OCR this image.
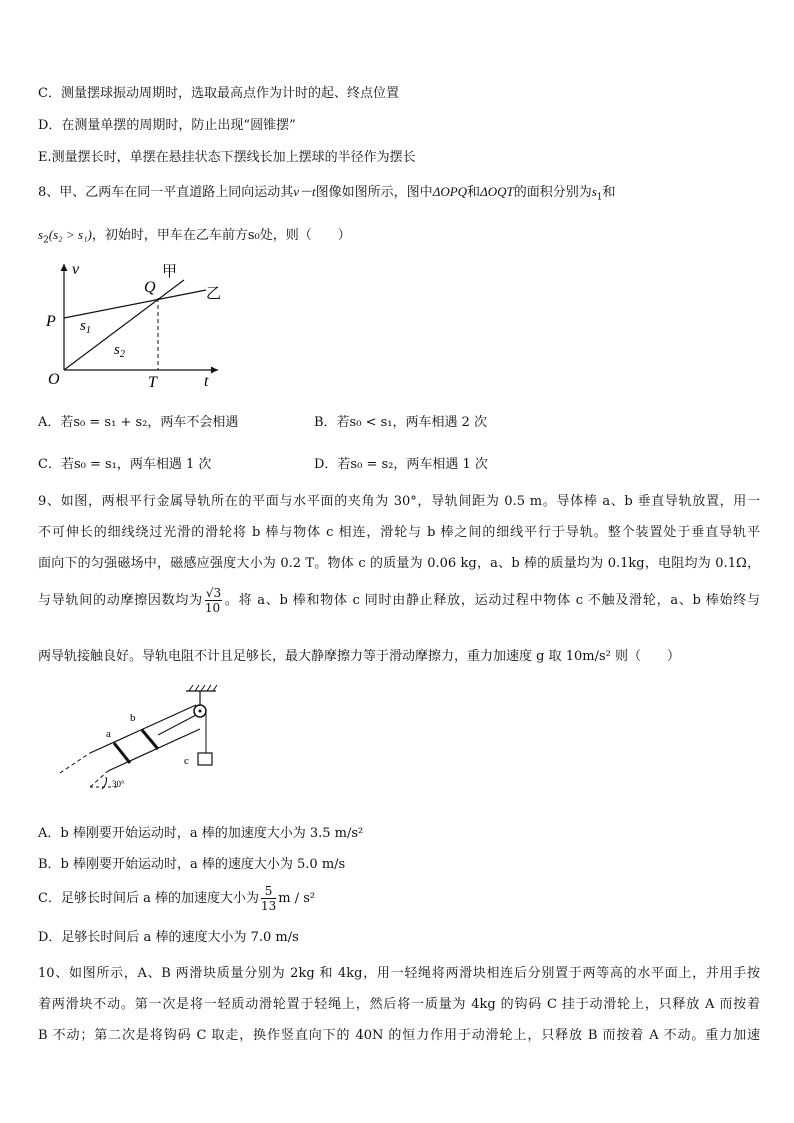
C．测量摆球振动周期时，选取最高点作为计时的起、终点位置
D．在测量单摆的周期时，防止出现“圆锥摆”
E.测量摆长时，单摆在悬挂状态下摆线长加上摆球的半径作为摆长
8、甲、乙两车在同一平直道路上同向运动其v－t图像如图所示，图中ΔOPQ和ΔOQT的面积分别为$s_1$和
$s_2(s_2 > s_1)$，初始时，甲车在乙车前方s₀处，则（　　）
v
t
O
P
Q
T
甲
乙
$s_1$
$s_2$
A．若s₀ = s₁ + s₂，两车不会相遇	B．若s₀ < s₁，两车相遇 2 次
C．若s₀ = s₁，两车相遇 1 次	D．若s₀ = s₂，两车相遇 1 次
9、如图，两根平行金属导轨所在的平面与水平面的夹角为 30°，导轨间距为 0.5 m。导体棒 a、b 垂直导轨放置，用一
不可伸长的细线绕过光滑的滑轮将 b 棒与物体 c 相连，滑轮与 b 棒之间的细线平行于导轨。整个装置处于垂直导轨平
面向下的匀强磁场中，磁感应强度大小为 0.2 T。物体 c 的质量为 0.06 kg，a、b 棒的质量均为 0.1kg，电阻均为 0.1Ω，
与导轨间的动摩擦因数均为 $\frac{√3}{10}$ 。将 a、b 棒和物体 c 同时由静止释放，运动过程中物体 c 不触及滑轮，a、b 棒始终与
两导轨接触良好。导轨电阻不计且足够长，最大静摩擦力等于滑动摩擦力，重力加速度 g 取 10m/s² 则（　　）
c
a
b
30°
A．b 棒刚要开始运动时，a 棒的加速度大小为 3.5 m/s²
B．b 棒刚要开始运动时，a 棒的速度大小为 5.0 m/s
C．足够长时间后 a 棒的加速度大小为 $\frac{5}{13}$ m / s²
D．足够长时间后 a 棒的速度大小为 7.0 m/s
10、如图所示，A、B 两滑块质量分别为 2kg 和 4kg，用一轻绳将两滑块相连后分别置于两等高的水平面上，并用手按
着两滑块不动。第一次是将一轻质动滑轮置于轻绳上，然后将一质量为 4kg 的钩码 C 挂于动滑轮上，只释放 A 而按着
B 不动；第二次是将钩码 C 取走，换作竖直向下的 40N 的恒力作用于动滑轮上，只释放 B 而按着 A 不动。重力加速
